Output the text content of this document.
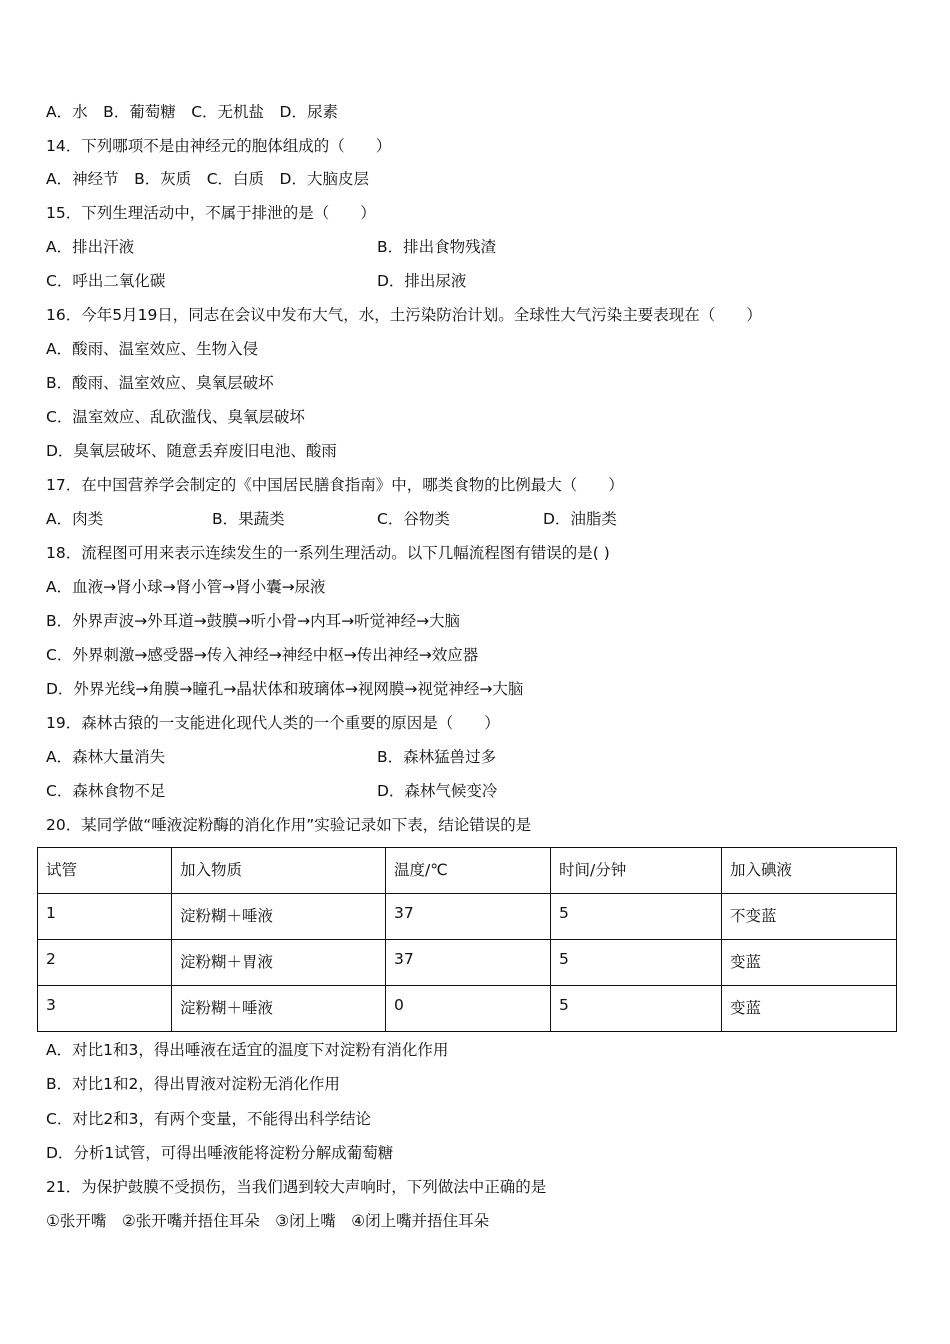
A．水　B．葡萄糖　C．无机盐　D．尿素
14．下列哪项不是由神经元的胞体组成的（　　）
A．神经节　B．灰质　C．白质　D．大脑皮层
15．下列生理活动中，不属于排泄的是（　　）
A．排出汗液	B．排出食物残渣
C．呼出二氧化碳	D．排出尿液
16．今年5月19日，同志在会议中发布大气，水，土污染防治计划。全球性大气污染主要表现在（　　）
A．酸雨、温室效应、生物入侵
B．酸雨、温室效应、臭氧层破坏
C．温室效应、乱砍滥伐、臭氧层破坏
D．臭氧层破坏、随意丢弃废旧电池、酸雨
17．在中国营养学会制定的《中国居民膳食指南》中，哪类食物的比例最大（　　）
A．肉类	B．果蔬类	C．谷物类	D．油脂类
18．流程图可用来表示连续发生的一系列生理活动。以下几幅流程图有错误的是( )
A．血液→肾小球→肾小管→肾小囊→尿液
B．外界声波→外耳道→鼓膜→听小骨→内耳→听觉神经→大脑
C．外界刺激→感受器→传入神经→神经中枢→传出神经→效应器
D．外界光线→角膜→瞳孔→晶状体和玻璃体→视网膜→视觉神经→大脑
19．森林古猿的一支能进化现代人类的一个重要的原因是（　　）
A．森林大量消失	B．森林猛兽过多
C．森林食物不足	D．森林气候变冷
20．某同学做“唾液淀粉酶的消化作用”实验记录如下表，结论错误的是
试管	加入物质	温度/℃	时间/分钟	加入碘液
1	淀粉糊＋唾液	37	5	不变蓝
2	淀粉糊＋胃液	37	5	变蓝
3	淀粉糊＋唾液	0	5	变蓝
A．对比1和3，得出唾液在适宜的温度下对淀粉有消化作用
B．对比1和2，得出胃液对淀粉无消化作用
C．对比2和3，有两个变量，不能得出科学结论
D．分析1试管，可得出唾液能将淀粉分解成葡萄糖
21．为保护鼓膜不受损伤，当我们遇到较大声响时，下列做法中正确的是
①张开嘴　②张开嘴并捂住耳朵　③闭上嘴　④闭上嘴并捂住耳朵
